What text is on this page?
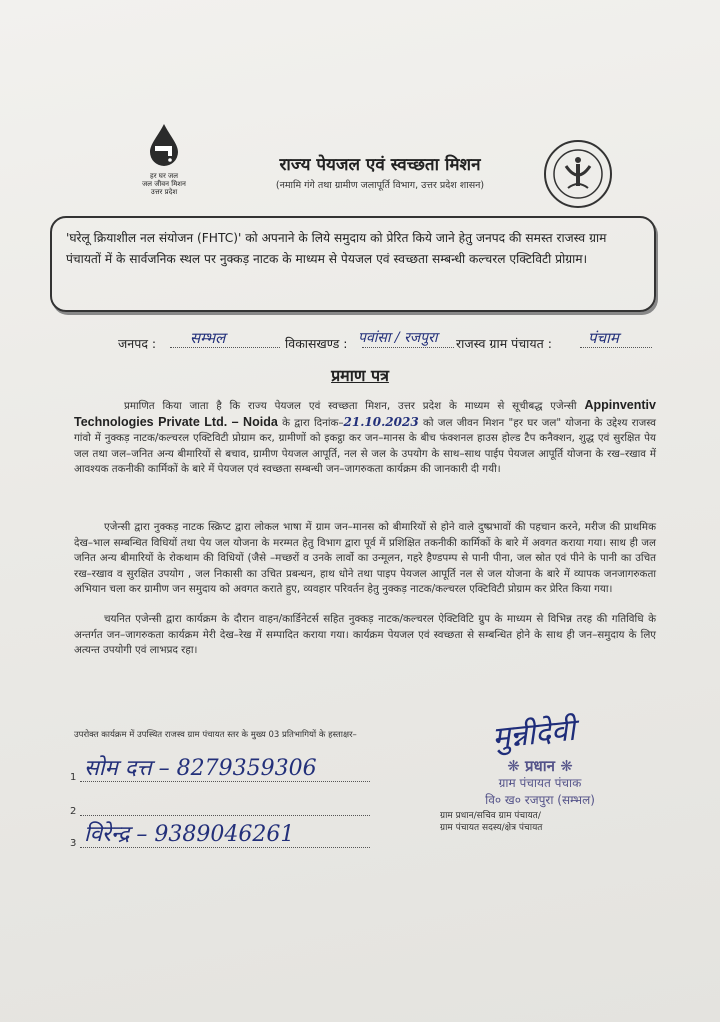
हर घर जल
जल जीवन मिशन
उत्तर प्रदेश
राज्य पेयजल एवं स्वच्छता मिशन
(नमामि गंगे तथा ग्रामीण जलापूर्ति विभाग, उत्तर प्रदेश शासन)
'घरेलू क्रियाशील नल संयोजन (FHTC)' को अपनाने के लिये समुदाय को प्रेरित किये जाने हेतु जनपद की समस्त राजस्व ग्राम पंचायतों में के सार्वजनिक स्थल पर नुक्कड़ नाटक के माध्यम से पेयजल एवं स्वच्छता सम्बन्धी कल्चरल एक्टिविटी प्रोग्राम।
जनपद : सम्भल	विकासखण्ड : पवांसा / रजपुरा राजस्व ग्राम पंचायत : पंचाम
प्रमाण पत्र

प्रमाणित किया जाता है कि राज्य पेयजल एवं स्वच्छता मिशन, उत्तर प्रदेश के माध्यम से सूचीबद्ध एजेन्सी Appinventiv Technologies Private Ltd. – Noida के द्वारा दिनांक–21.10.2023 को जल जीवन मिशन "हर घर जल" योजना के उद्देश्य राजस्व गांवो में नुक्कड़ नाटक/कल्चरल एक्टिविटी प्रोग्राम कर, ग्रामीणों को इकट्ठा कर जन–मानस के बीच फंक्शनल हाउस होल्ड टैप कनैक्शन, शुद्ध एवं सुरक्षित पेय जल तथा जल–जनित अन्य बीमारियों से बचाव, ग्रामीण पेयजल आपूर्ति, नल से जल के उपयोग के साथ–साथ पाईप पेयजल आपूर्ति योजना के रख–रखाव में आवश्यक तकनीकी कार्मिकों के बारे में पेयजल एवं स्वच्छता सम्बन्धी जन–जागरुकता कार्यक्रम की जानकारी दी गयी।

एजेन्सी द्वारा नुक्कड़ नाटक स्क्रिप्ट द्वारा लोकल भाषा में ग्राम जन–मानस को बीमारियों से होने वाले दुष्प्रभावों की पहचान करने, मरीज की प्राथमिक देख–भाल सम्बन्धित विधियों तथा पेय जल योजना के मरम्मत हेतु विभाग द्वारा पूर्व में प्रशिक्षित तकनीकी कार्मिकों के बारे में अवगत कराया गया। साथ ही जल जनित अन्य बीमारियों के रोकथाम की विधियों (जैसे –मच्छरों व उनके लार्वो का उन्मूलन, गहरे हैण्डपम्प से पानी पीना, जल स्रोत एवं पीने के पानी का उचित रख–रखाव व सुरक्षित उपयोग , जल निकासी का उचित प्रबन्धन, हाथ धोने तथा पाइप पेयजल आपूर्ति नल से जल योजना के बारे में व्यापक जनजागरुकता अभियान चला कर ग्रामीण जन समुदाय को अवगत कराते हुए, व्यवहार परिवर्तन हेतु नुक्कड़ नाटक/कल्चरल एक्टिविटी प्रोग्राम कर प्रेरित किया गया।

चयनित एजेन्सी द्वारा कार्यक्रम के दौरान वाहन/कार्डिनेटर्स सहित नुक्कड़ नाटक/कल्चरल ऐक्टिविटि ग्रुप के माध्यम से विभिन्न तरह की गतिविधि के अन्तर्गत जन–जागरुकता कार्यक्रम मेरी देख–रेख में सम्पादित कराया गया। कार्यक्रम पेयजल एवं स्वच्छता से सम्बन्धित होने के साथ ही जन–समुदाय के लिए अत्यन्त उपयोगी एवं लाभप्रद रहा।

उपरोक्त कार्यक्रम में उपस्थित राजस्व ग्राम पंचायत स्तर के मुख्य 03 प्रतिभागियों के हस्ताक्षर–
1 सोम दत्त – 8279359306
2
3 विरेन्द्र – 9389046261
मुन्नीदेवी
❋ प्रधान ❋
ग्राम पंचायत पंचाक
वि० ख० रजपुरा (सम्भल)
ग्राम प्रधान/सचिव ग्राम पंचायत/
ग्राम पंचायत सदस्य/क्षेत्र पंचायत
